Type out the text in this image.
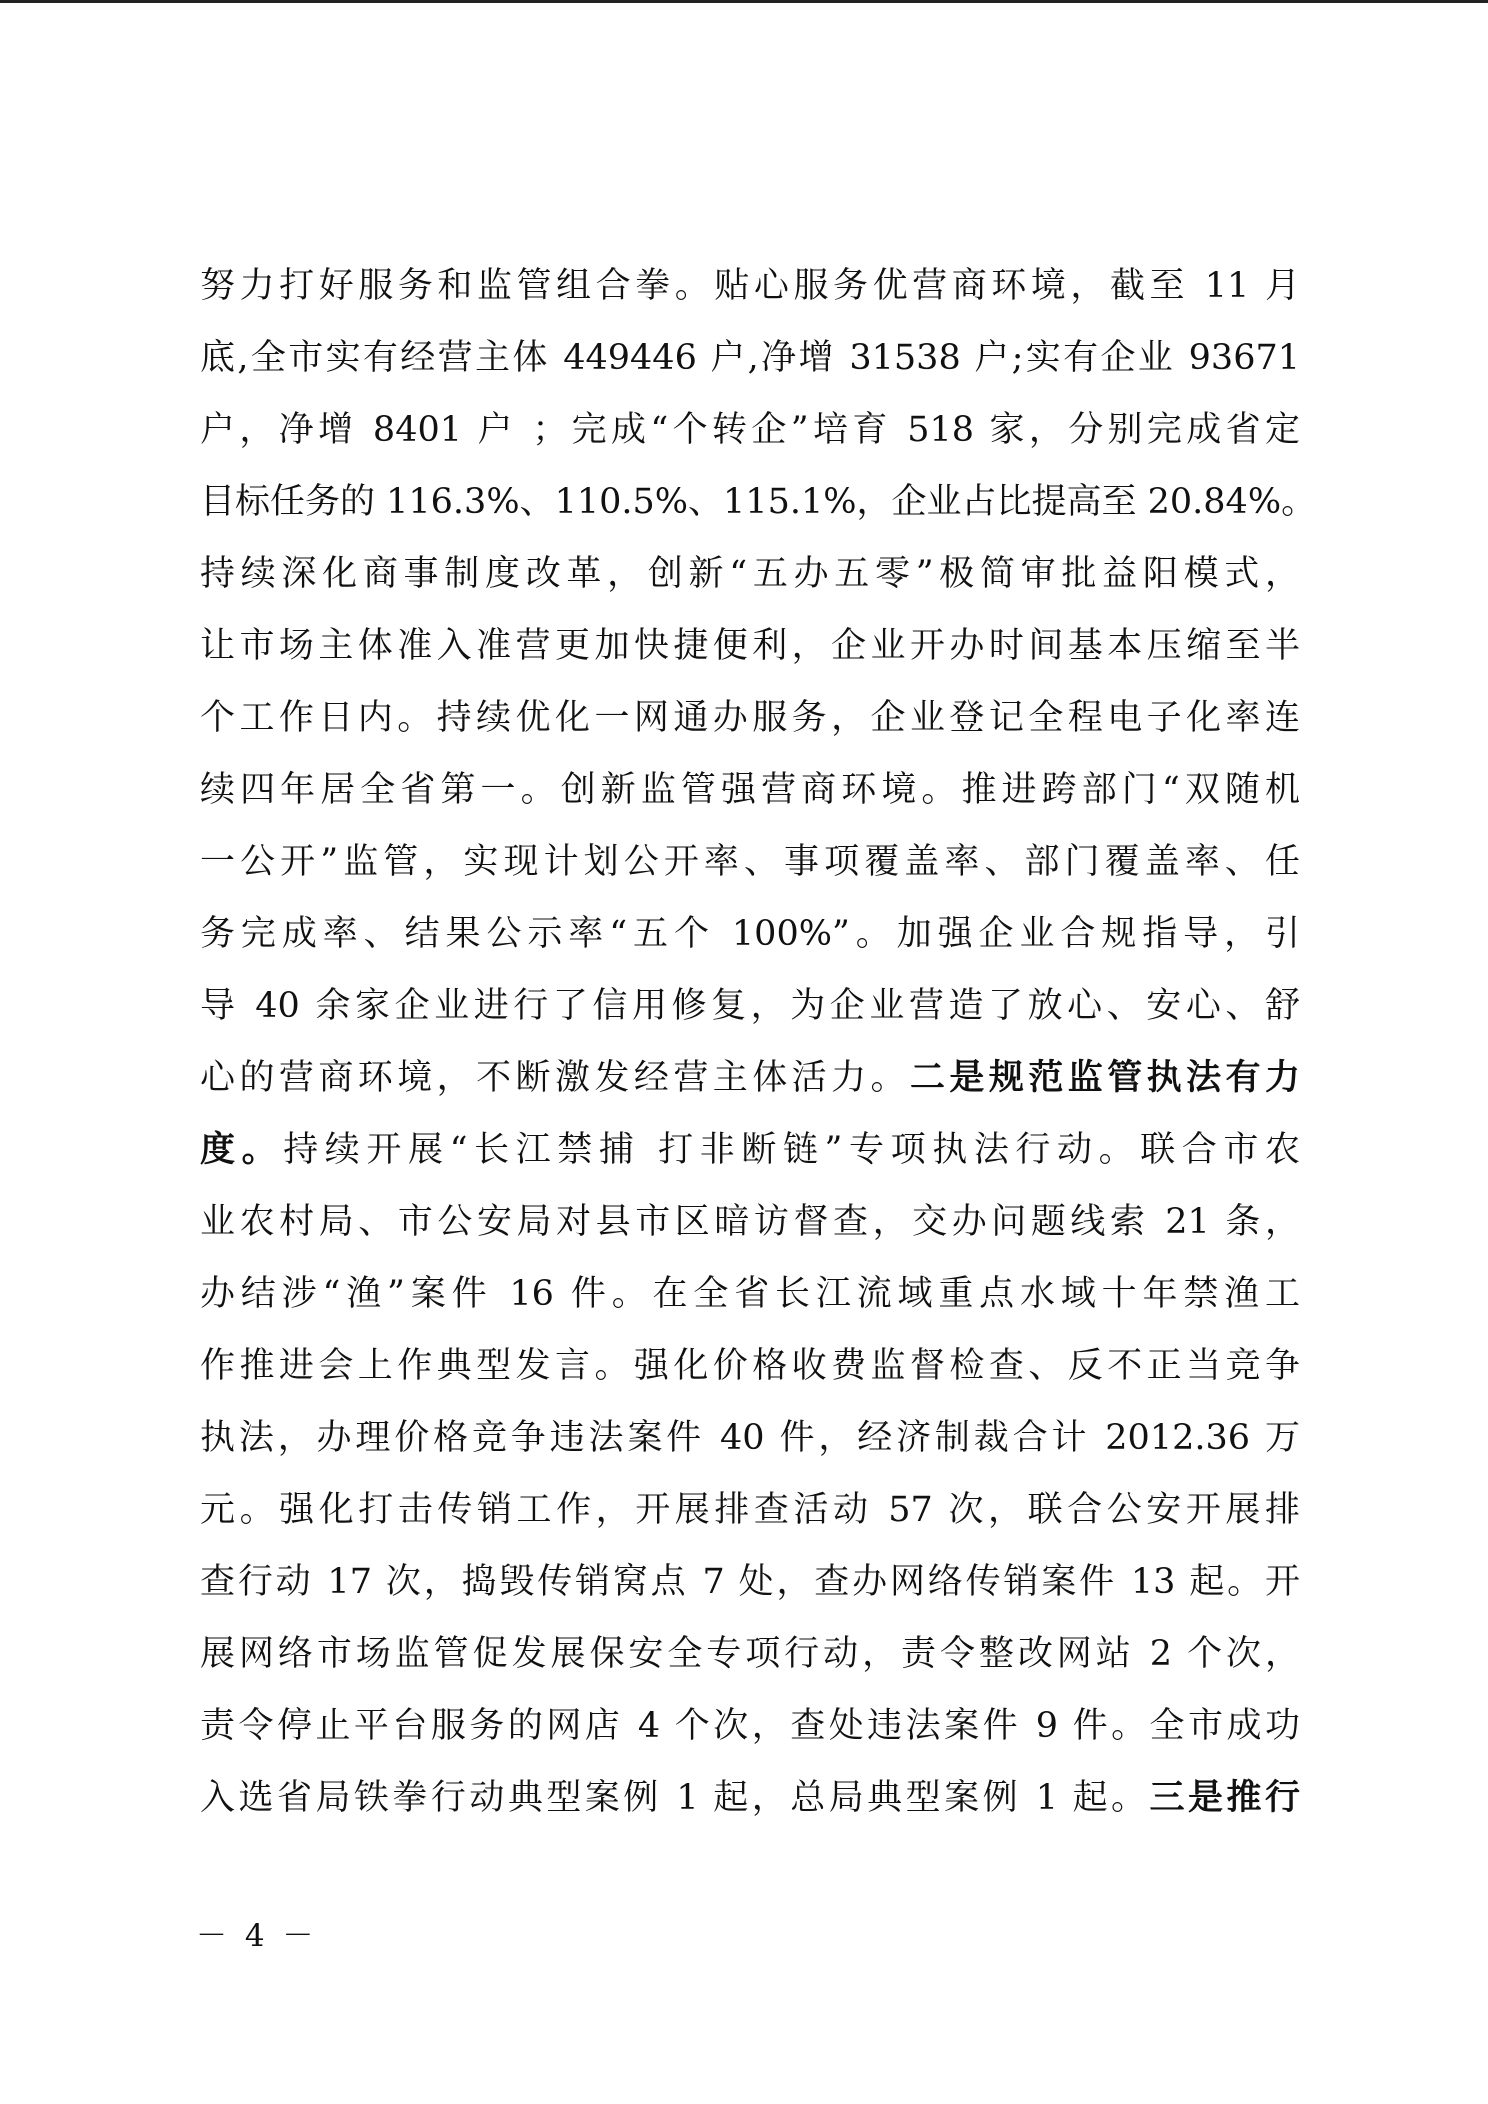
努力打好服务和监管组合拳。贴心服务优营商环境，截至 11 月
底,全市实有经营主体 449446 户,净增 31538 户;实有企业 93671
户，净增 8401 户 ；完成“个转企”培育 518 家，分别完成省定
目标任务的 116.3%、110.5%、115.1%，企业占比提高至 20.84%。
持续深化商事制度改革，创新“五办五零”极简审批益阳模式，
让市场主体准入准营更加快捷便利，企业开办时间基本压缩至半
个工作日内。持续优化一网通办服务，企业登记全程电子化率连
续四年居全省第一。创新监管强营商环境。推进跨部门“双随机
一公开”监管，实现计划公开率、事项覆盖率、部门覆盖率、任
务完成率、结果公示率“五个 100%”。加强企业合规指导，引
导 40 余家企业进行了信用修复，为企业营造了放心、安心、舒
心的营商环境，不断激发经营主体活力。二是规范监管执法有力
度。持续开展“长江禁捕 打非断链”专项执法行动。联合市农
业农村局、市公安局对县市区暗访督查，交办问题线索 21 条，
办结涉“渔”案件 16 件。在全省长江流域重点水域十年禁渔工
作推进会上作典型发言。强化价格收费监督检查、反不正当竞争
执法，办理价格竞争违法案件 40 件，经济制裁合计 2012.36 万
元。强化打击传销工作，开展排查活动 57 次，联合公安开展排
查行动 17 次，捣毁传销窝点 7 处，查办网络传销案件 13 起。开
展网络市场监管促发展保安全专项行动，责令整改网站 2 个次，
责令停止平台服务的网店 4 个次，查处违法案件 9 件。全市成功
入选省局铁拳行动典型案例 1 起，总局典型案例 1 起。三是推行
－ 4 －
